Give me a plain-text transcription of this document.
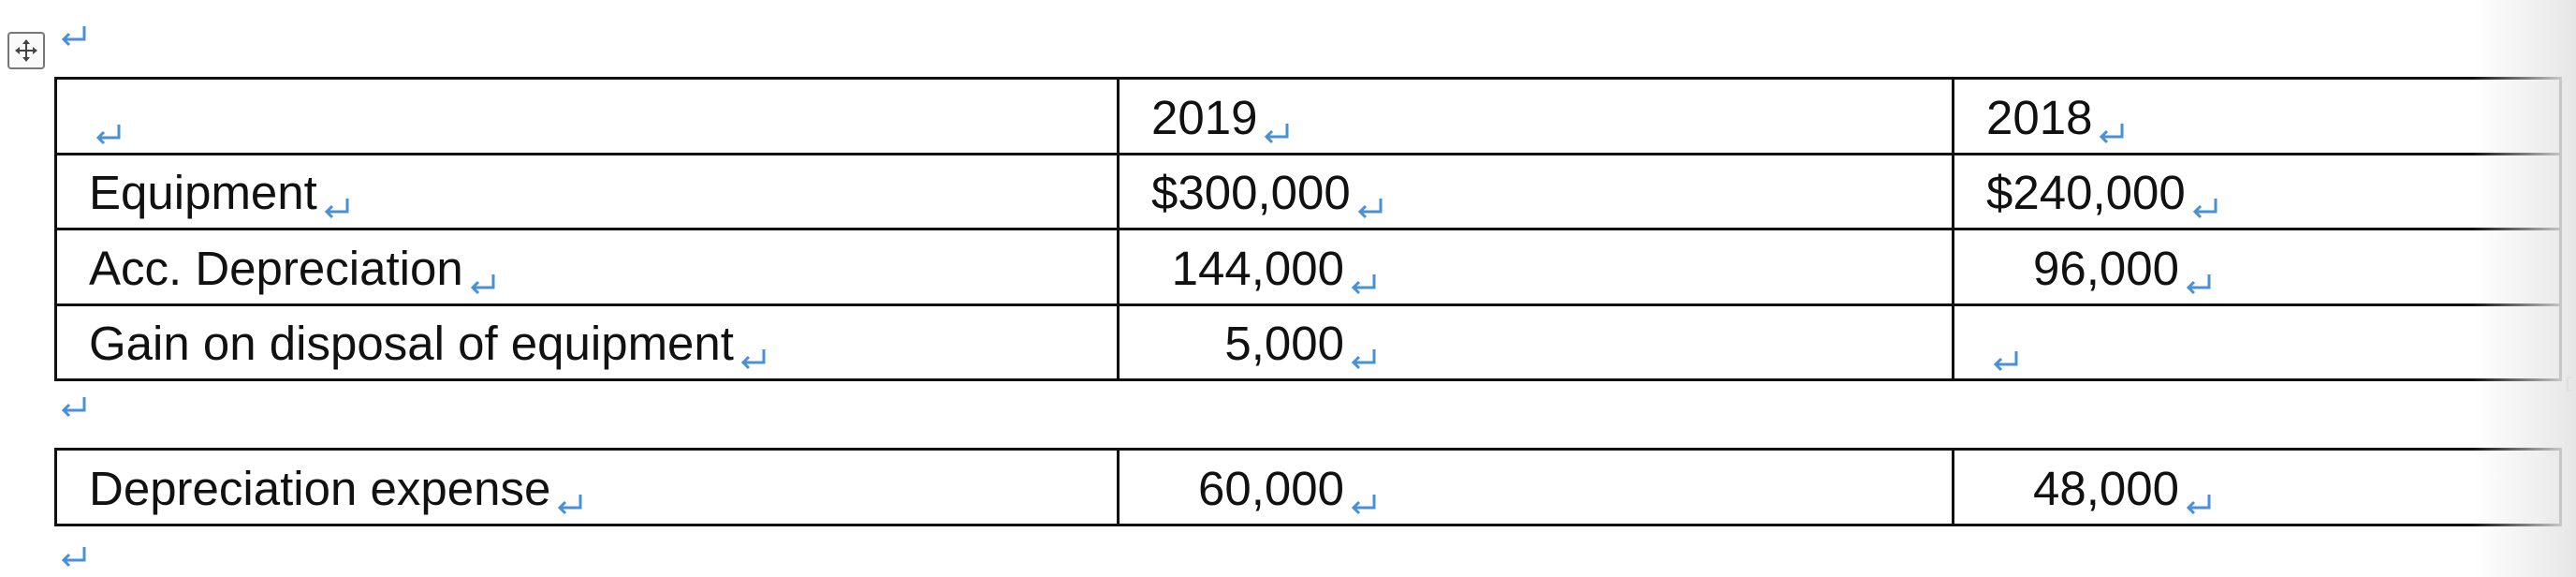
	2019	2018

Equipment	$300,000	$240,000

Acc. Depreciation	144,000	96,000

Gain on disposal of equipment	5,000	
Depreciation expense	60,000	48,000
